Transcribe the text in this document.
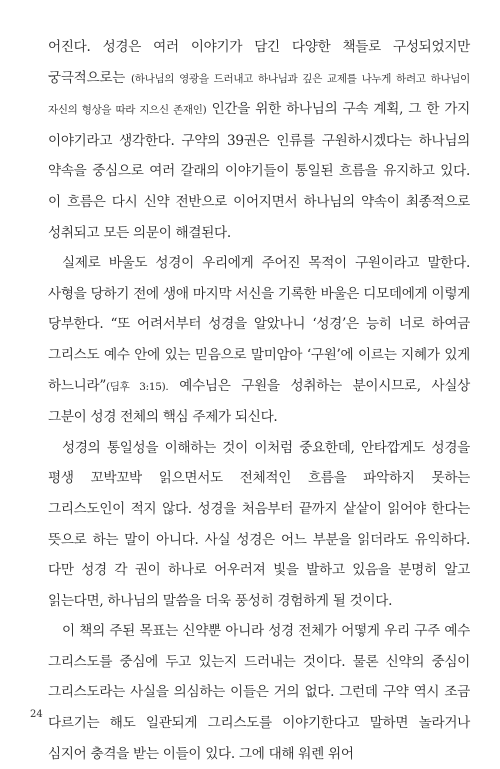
어진다. 성경은 여러 이야기가 담긴 다양한 책들로 구성되었지만 궁극적으로는 (하나님의 영광을 드러내고 하나님과 깊은 교제를 나누게 하려고 하나님이 자신의 형상을 따라 지으신 존재인) 인간을 위한 하나님의 구속 계획, 그 한 가지 이야기라고 생각한다. 구약의 39권은 인류를 구원하시겠다는 하나님의 약속을 중심으로 여러 갈래의 이야기들이 통일된 흐름을 유지하고 있다. 이 흐름은 다시 신약 전반으로 이어지면서 하나님의 약속이 최종적으로 성취되고 모든 의문이 해결된다.

실제로 바울도 성경이 우리에게 주어진 목적이 구원이라고 말한다. 사형을 당하기 전에 생애 마지막 서신을 기록한 바울은 디모데에게 이렇게 당부한다. “또 어려서부터 성경을 알았나니 ‘성경’은 능히 너로 하여금 그리스도 예수 안에 있는 믿음으로 말미암아 ‘구원’에 이르는 지혜가 있게 하느니라”(딤후 3:15). 예수님은 구원을 성취하는 분이시므로, 사실상 그분이 성경 전체의 핵심 주제가 되신다.

성경의 통일성을 이해하는 것이 이처럼 중요한데, 안타깝게도 성경을 평생 꼬박꼬박 읽으면서도 전체적인 흐름을 파악하지 못하는 그리스도인이 적지 않다. 성경을 처음부터 끝까지 샅샅이 읽어야 한다는 뜻으로 하는 말이 아니다. 사실 성경은 어느 부분을 읽더라도 유익하다. 다만 성경 각 권이 하나로 어우러져 빛을 발하고 있음을 분명히 알고 읽는다면, 하나님의 말씀을 더욱 풍성히 경험하게 될 것이다.

이 책의 주된 목표는 신약뿐 아니라 성경 전체가 어떻게 우리 구주 예수 그리스도를 중심에 두고 있는지 드러내는 것이다. 물론 신약의 중심이 그리스도라는 사실을 의심하는 이들은 거의 없다. 그런데 구약 역시 조금 다르기는 해도 일관되게 그리스도를 이야기한다고 말하면 놀라거나 심지어 충격을 받는 이들이 있다. 그에 대해 워렌 위어

24
